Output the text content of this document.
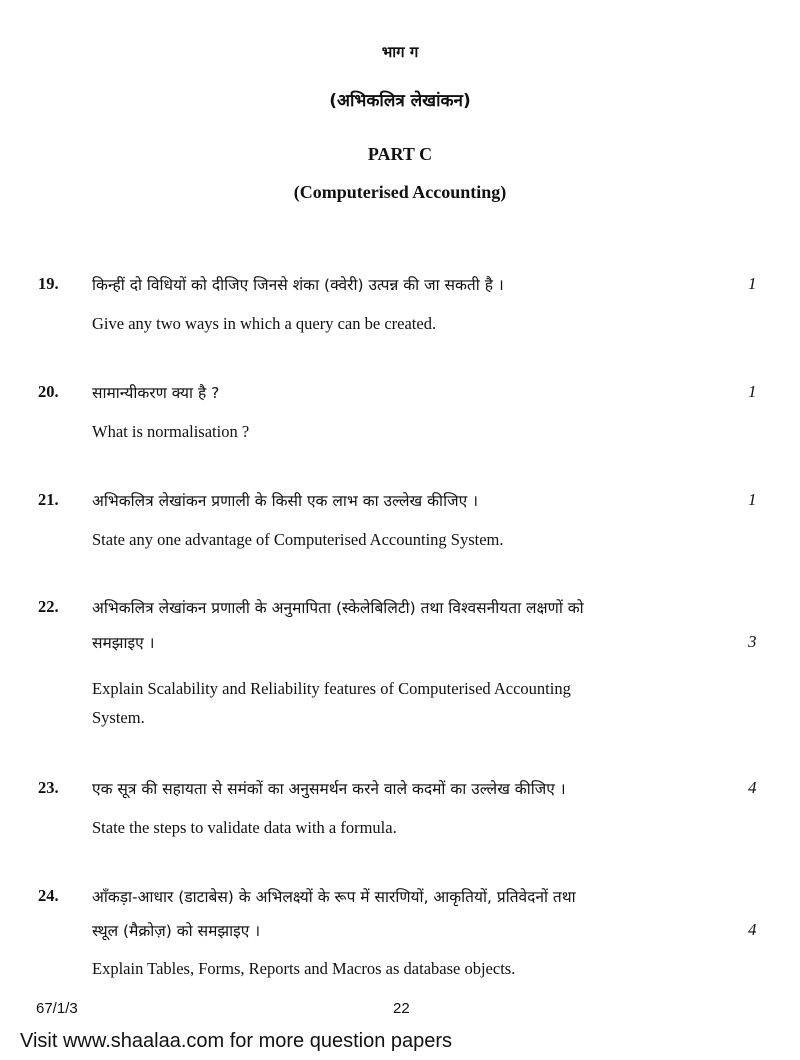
भाग ग
(अभिकलित्र लेखांकन)
PART C
(Computerised Accounting)
19. किन्हीं दो विधियों को दीजिए जिनसे शंका (क्वेरी) उत्पन्न की जा सकती है ।	1
Give any two ways in which a query can be created.
20. सामान्यीकरण क्या है ?	1
What is normalisation ?
21. अभिकलित्र लेखांकन प्रणाली के किसी एक लाभ का उल्लेख कीजिए ।	1
State any one advantage of Computerised Accounting System.
22. अभिकलित्र लेखांकन प्रणाली के अनुमापिता (स्केलेबिलिटी) तथा विश्वसनीयता लक्षणों को
समझाइए ।	3
Explain Scalability and Reliability features of Computerised Accounting
System.
23. एक सूत्र की सहायता से समंकों का अनुसमर्थन करने वाले कदमों का उल्लेख कीजिए ।	4
State the steps to validate data with a formula.
24. आँकड़ा-आधार (डाटाबेस) के अभिलक्ष्यों के रूप में सारणियों, आकृतियों, प्रतिवेदनों तथा
स्थूल (मैक्रोज़) को समझाइए ।	4
Explain Tables, Forms, Reports and Macros as database objects.
67/1/3	22
Visit www.shaalaa.com for more question papers
